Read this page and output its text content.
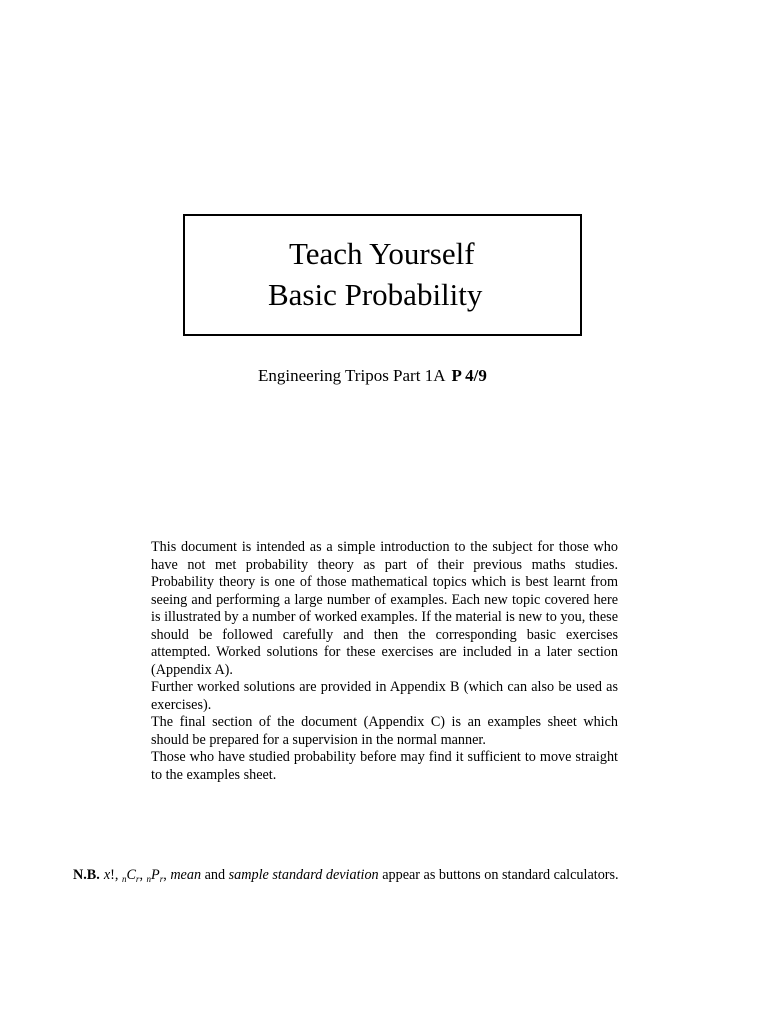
Teach Yourself
Basic Probability
Engineering Tripos Part 1A P 4/9

This document is intended as a simple introduction to the subject for those who have not met probability theory as part of their previous maths studies. Probability theory is one of those mathematical topics which is best learnt from seeing and performing a large number of examples. Each new topic covered here is illustrated by a number of worked examples. If the material is new to you, these should be followed carefully and then the corresponding basic exercises attempted. Worked solutions for these exercises are included in a later section (Appendix A).

Further worked solutions are provided in Appendix B (which can also be used as exercises).

The final section of the document (Appendix C) is an examples sheet which should be prepared for a supervision in the normal manner.

Those who have studied probability before may find it sufficient to move straight to the examples sheet.

N.B. x!, $_nC_r$, $_nP_r$, mean and sample standard deviation appear as buttons on standard calculators.
